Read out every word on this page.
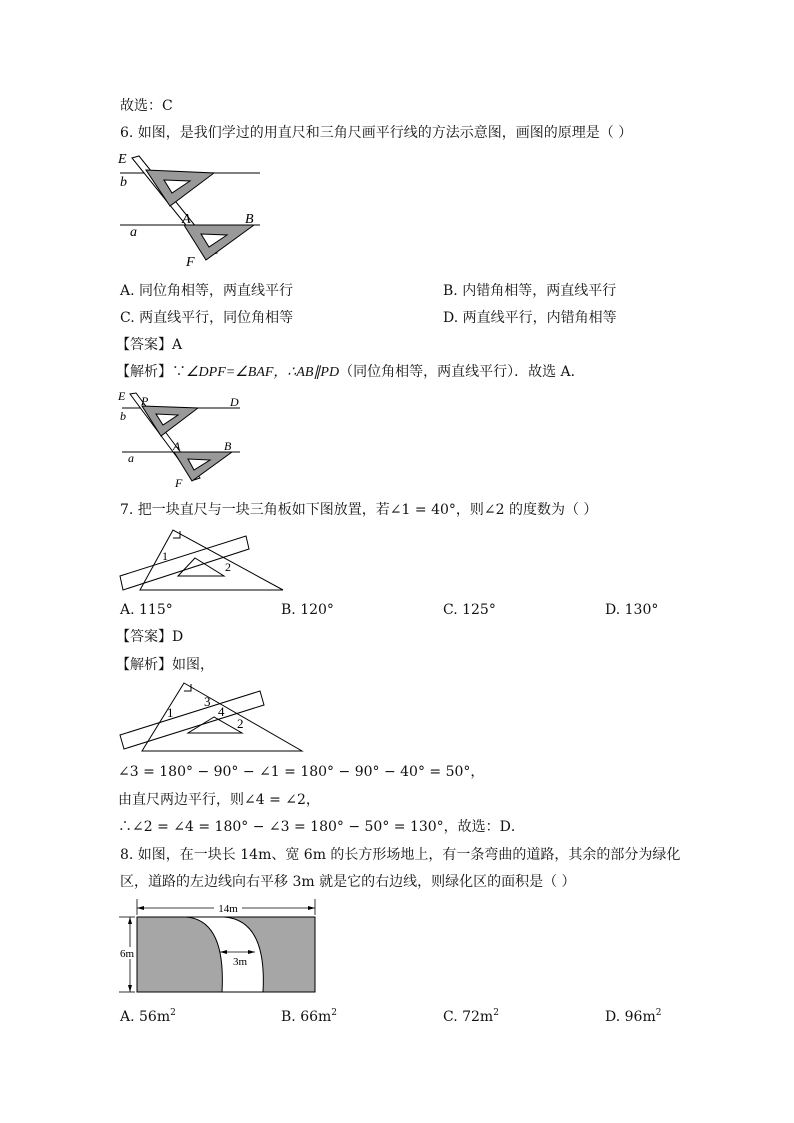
故选：C
6. 如图，是我们学过的用直尺和三角尺画平行线的方法示意图，画图的原理是（ ）
E
b
A	B
a
F
A. 同位角相等，两直线平行	B. 内错角相等，两直线平行
C. 两直线平行，同位角相等	D. 两直线平行，内错角相等
【答案】A
【解析】∵∠DPF=∠BAF，∴AB∥PD（同位角相等，两直线平行）．故选 A．
E P	D
b
A	B
a
F
7. 把一块直尺与一块三角板如下图放置，若∠1 = 40°，则∠2 的度数为（ ）
1
2
A. 115°	B. 120°	C. 125°	D. 130°
【答案】D
【解析】如图，
1
3
4
2
∠3 = 180° − 90° − ∠1 = 180° − 90° − 40° = 50°，
由直尺两边平行，则∠4 = ∠2，
∴∠2 = ∠4 = 180° − ∠3 = 180° − 50° = 130°，故选：D．
8. 如图，在一块长 14m、宽 6m 的长方形场地上，有一条弯曲的道路，其余的部分为绿化
区，道路的左边线向右平移 3m 就是它的右边线，则绿化区的面积是（ ）
14m
6m
3m
A. $56m^2$	B. $66m^2$	C. $72m^2$	D. $96m^2$
